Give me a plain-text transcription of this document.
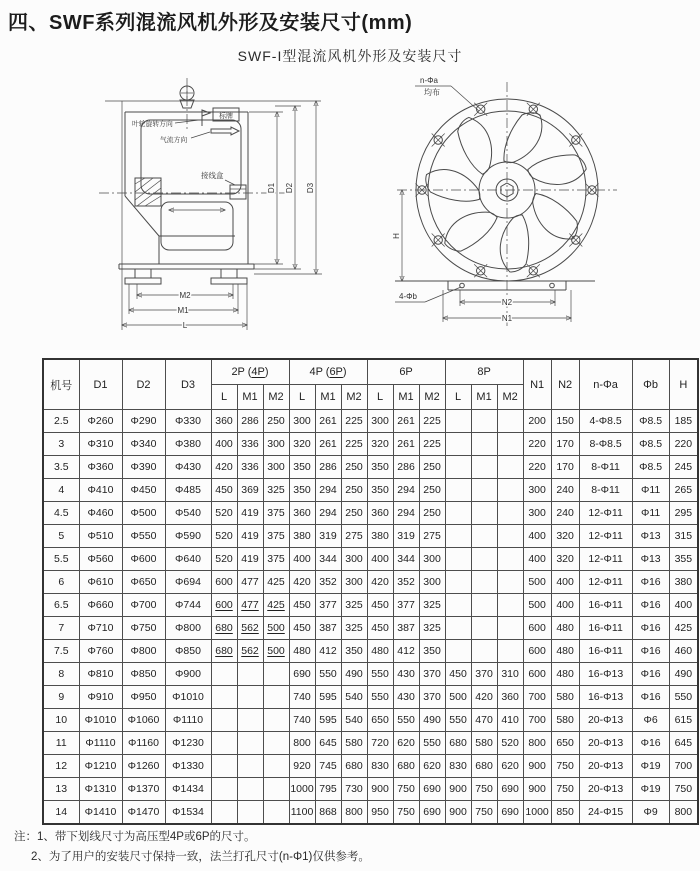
四、SWF系列混流风机外形及安装尺寸(mm)
SWF-I型混流风机外形及安装尺寸
接线盒
叶轮旋转方向
标牌
气流方向
D1 D2 D3
M2
M1
L
H
N2
N1
n-Φa
均布
4-Φb
机号	D1	D2	D3	2P (4P)			4P (6P)			6P			8P			N1	N2	n-Φa	Φb	H
				L	M1	M2	L	M1	M2	L	M1	M2	L	M1	M2					
2.5	Φ260	Φ290	Φ330	360	286	250	300	261	225	300	261	225				200	150	4-Φ8.5	Φ8.5	185
3	Φ310	Φ340	Φ380	400	336	300	320	261	225	320	261	225				220	170	8-Φ8.5	Φ8.5	220
3.5	Φ360	Φ390	Φ430	420	336	300	350	286	250	350	286	250				220	170	8-Φ11	Φ8.5	245
4	Φ410	Φ450	Φ485	450	369	325	350	294	250	350	294	250				300	240	8-Φ11	Φ11	265
4.5	Φ460	Φ500	Φ540	520	419	375	360	294	250	360	294	250				300	240	12-Φ11	Φ11	295
5	Φ510	Φ550	Φ590	520	419	375	380	319	275	380	319	275				400	320	12-Φ11	Φ13	315
5.5	Φ560	Φ600	Φ640	520	419	375	400	344	300	400	344	300				400	320	12-Φ11	Φ13	355
6	Φ610	Φ650	Φ694	600	477	425	420	352	300	420	352	300				500	400	12-Φ11	Φ16	380
6.5	Φ660	Φ700	Φ744	600	477	425	450	377	325	450	377	325				500	400	16-Φ11	Φ16	400
7	Φ710	Φ750	Φ800	680	562	500	450	387	325	450	387	325				600	480	16-Φ11	Φ16	425
7.5	Φ760	Φ800	Φ850	680	562	500	480	412	350	480	412	350				600	480	16-Φ11	Φ16	460
8	Φ810	Φ850	Φ900				690	550	490	550	430	370	450	370	310	600	480	16-Φ13	Φ16	490
9	Φ910	Φ950	Φ1010				740	595	540	550	430	370	500	420	360	700	580	16-Φ13	Φ16	550
10	Φ1010	Φ1060	Φ1110				740	595	540	650	550	490	550	470	410	700	580	20-Φ13	Φ6	615
11	Φ1110	Φ1160	Φ1230				800	645	580	720	620	550	680	580	520	800	650	20-Φ13	Φ16	645
12	Φ1210	Φ1260	Φ1330				920	745	680	830	680	620	830	680	620	900	750	20-Φ13	Φ19	700
13	Φ1310	Φ1370	Φ1434				1000	795	730	900	750	690	900	750	690	900	750	20-Φ13	Φ19	750
14	Φ1410	Φ1470	Φ1534				1100	868	800	950	750	690	900	750	690	1000	850	24-Φ15	Φ9	800
注：1、带下划线尺寸为高压型4P或6P的尺寸。
2、为了用户的安装尺寸保持一致，法兰打孔尺寸(n-Φ1)仅供参考。
